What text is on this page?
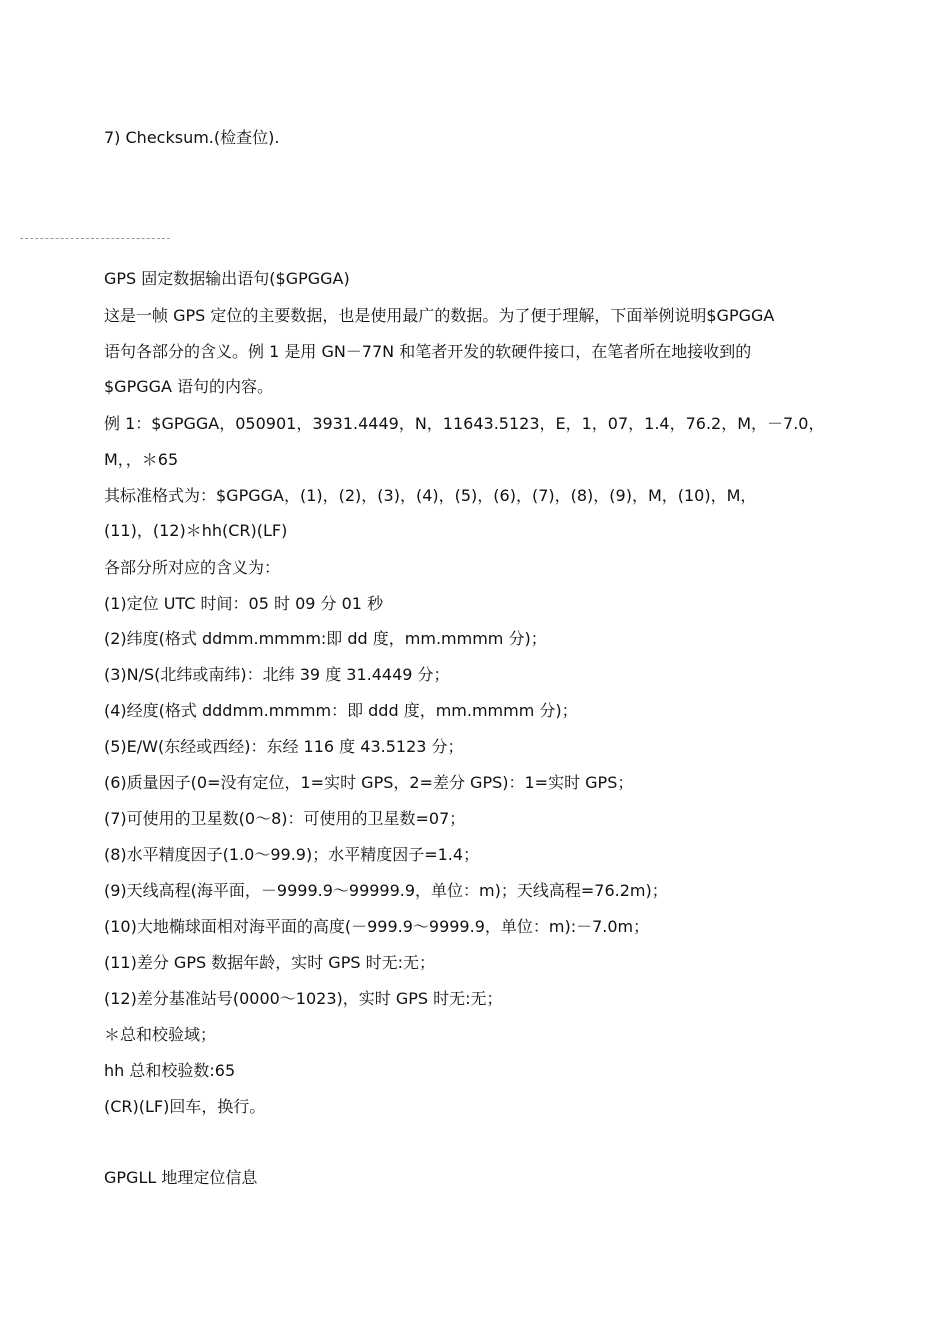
7) Checksum.(检查位).
GPS 固定数据输出语句($GPGGA)
这是一帧 GPS 定位的主要数据，也是使用最广的数据。为了便于理解，下面举例说明$GPGGA
语句各部分的含义。例 1 是用 GN－77N 和笔者开发的软硬件接口，在笔者所在地接收到的
$GPGGA 语句的内容。
例 1：$GPGGA，050901，3931.4449，N，11643.5123，E，1，07，1.4，76.2，M，－7.0，
M，，＊65
其标准格式为：$GPGGA，(1)，(2)，(3)，(4)，(5)，(6)，(7)，(8)，(9)，M，(10)，M，
(11)，(12)＊hh(CR)(LF)
各部分所对应的含义为：
(1)定位 UTC 时间：05 时 09 分 01 秒
(2)纬度(格式 ddmm.mmmm:即 dd 度，mm.mmmm 分)；
(3)N/S(北纬或南纬)：北纬 39 度 31.4449 分；
(4)经度(格式 dddmm.mmmm：即 ddd 度，mm.mmmm 分)；
(5)E/W(东经或西经)：东经 116 度 43.5123 分；
(6)质量因子(0=没有定位，1=实时 GPS，2=差分 GPS)：1=实时 GPS；
(7)可使用的卫星数(0～8)：可使用的卫星数=07；
(8)水平精度因子(1.0～99.9)；水平精度因子=1.4；
(9)天线高程(海平面，－9999.9～99999.9，单位：m)；天线高程=76.2m)；
(10)大地椭球面相对海平面的高度(－999.9～9999.9，单位：m):－7.0m；
(11)差分 GPS 数据年龄，实时 GPS 时无:无；
(12)差分基准站号(0000～1023)，实时 GPS 时无:无；
＊总和校验域；
hh 总和校验数:65
(CR)(LF)回车，换行。
GPGLL 地理定位信息
